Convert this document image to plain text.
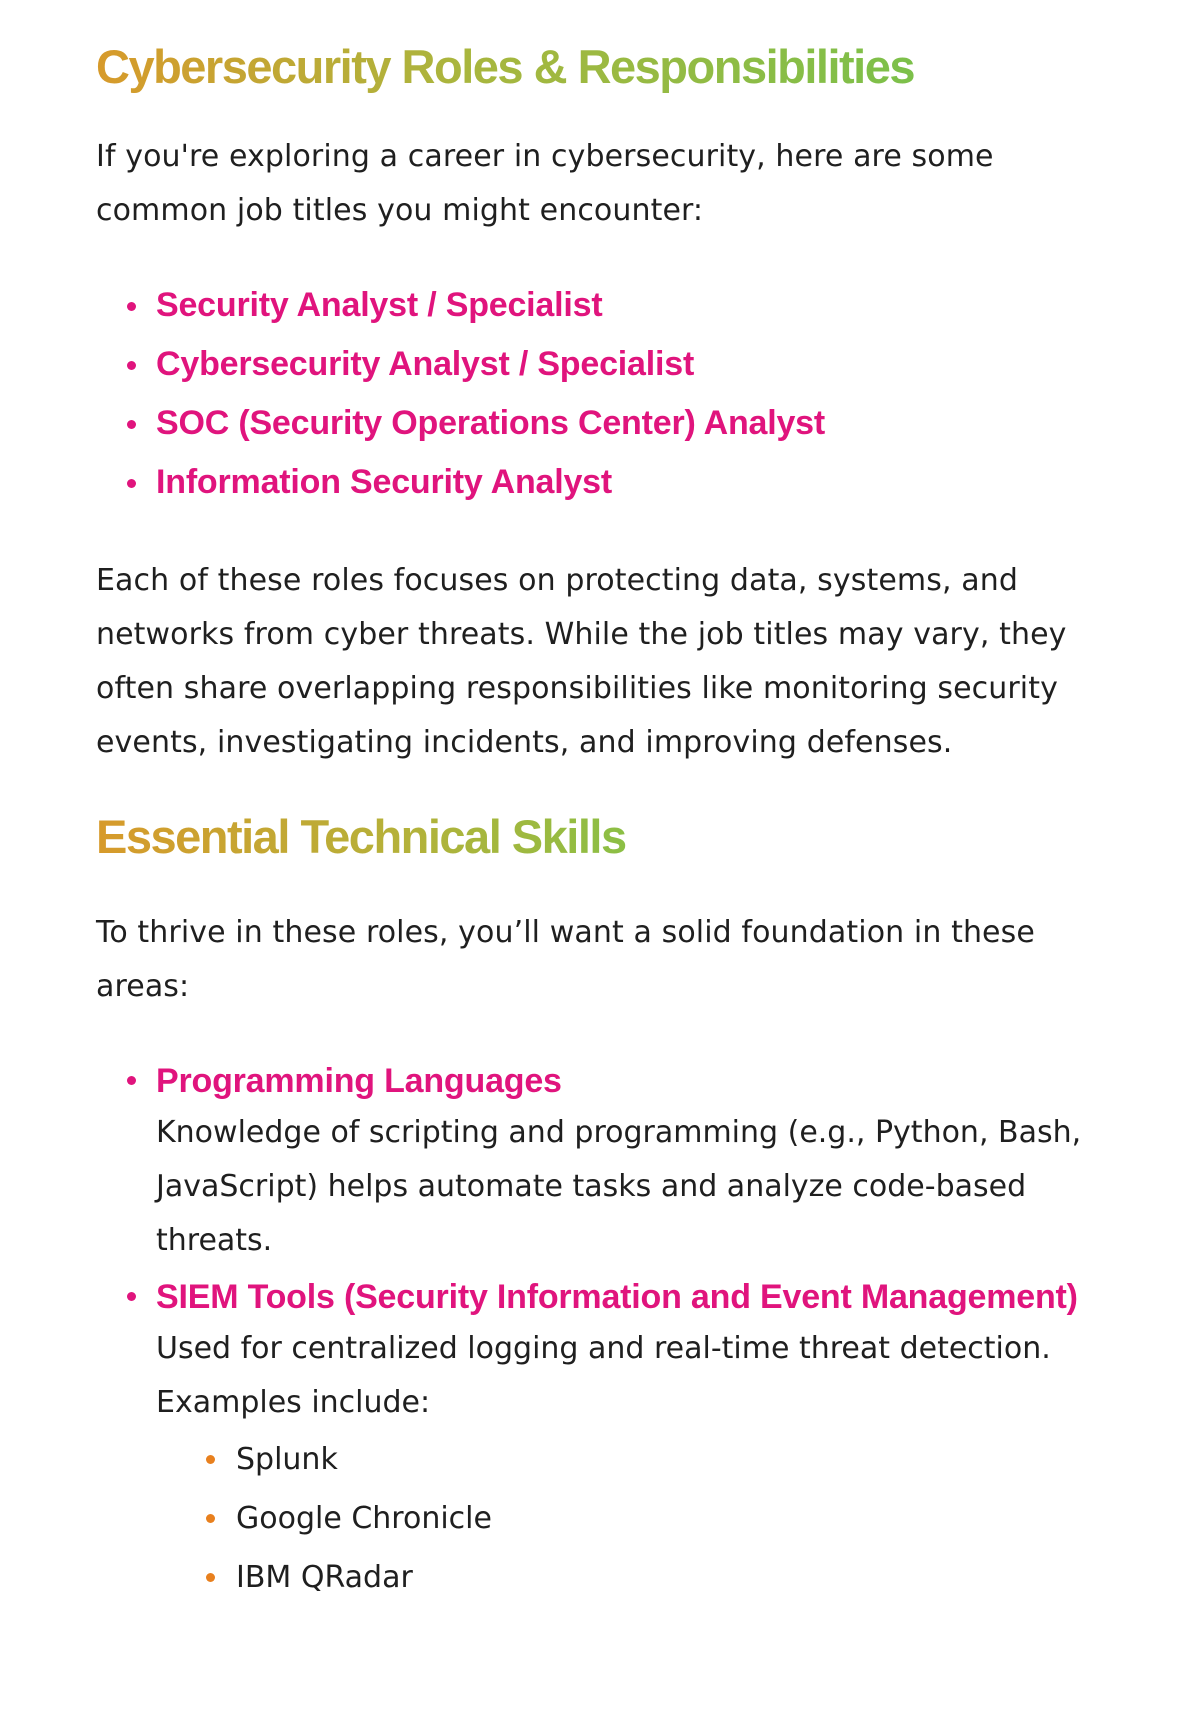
Cybersecurity Roles & Responsibilities

If you're exploring a career in cybersecurity, here are some common job titles you might encounter:

Security Analyst / Specialist
Cybersecurity Analyst / Specialist
SOC (Security Operations Center) Analyst
Information Security Analyst

Each of these roles focuses on protecting data, systems, and networks from cyber threats. While the job titles may vary, they often share overlapping responsibilities like monitoring security events, investigating incidents, and improving defenses.

Essential Technical Skills

To thrive in these roles, you’ll want a solid foundation in these areas:

Programming Languages
Knowledge of scripting and programming (e.g., Python, Bash, JavaScript) helps automate tasks and analyze code-based threats.
SIEM Tools (Security Information and Event Management)
Used for centralized logging and real-time threat detection. Examples include:
Splunk
Google Chronicle
IBM QRadar
